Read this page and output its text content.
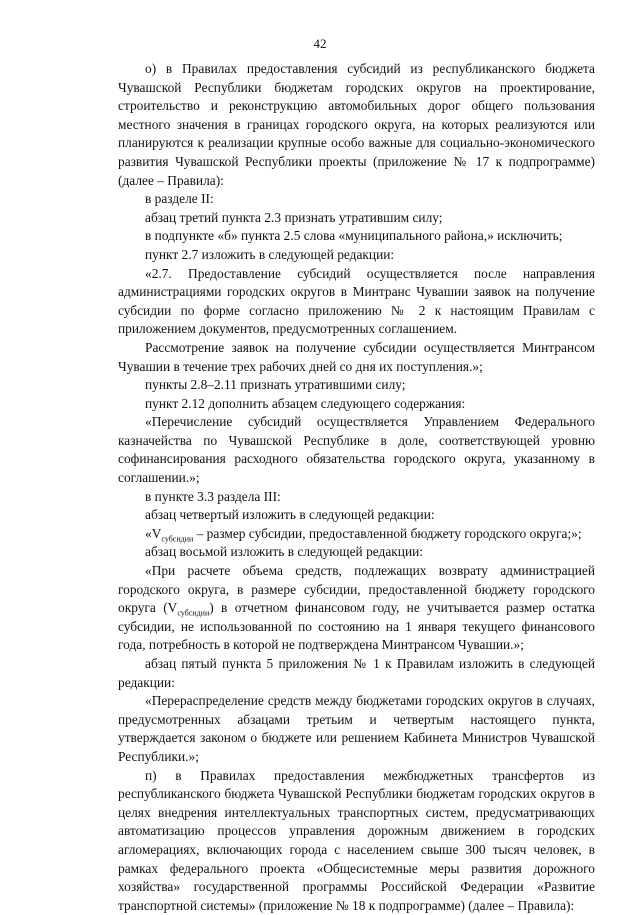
42

о) в Правилах предоставления субсидий из республиканского бюджета Чувашской Республики бюджетам городских округов на проектирование, строительство и реконструкцию автомобильных дорог общего пользования местного значения в границах городского округа, на которых реализуются или планируются к реализации крупные особо важные для социально-экономического развития Чувашской Республики проекты (приложение № 17 к подпрограмме) (далее – Правила):

в разделе II:

абзац третий пункта 2.3 признать утратившим силу;

в подпункте «б» пункта 2.5 слова «муниципального района,» исключить;

пункт 2.7 изложить в следующей редакции:

«2.7. Предоставление субсидий осуществляется после направления администрациями городских округов в Минтранс Чувашии заявок на получение субсидии по форме согласно приложению № 2 к настоящим Правилам с приложением документов, предусмотренных соглашением.

Рассмотрение заявок на получение субсидии осуществляется Минтрансом Чувашии в течение трех рабочих дней со дня их поступления.»;

пункты 2.8–2.11 признать утратившими силу;

пункт 2.12 дополнить абзацем следующего содержания:

«Перечисление субсидий осуществляется Управлением Федерального казначейства по Чувашской Республике в доле, соответствующей уровню софинансирования расходного обязательства городского округа, указанному в соглашении.»;

в пункте 3.3 раздела III:

абзац четвертый изложить в следующей редакции:

«$V_{субсидии}$ – размер субсидии, предоставленной бюджету городского округа;»;

абзац восьмой изложить в следующей редакции:

«При расчете объема средств, подлежащих возврату администрацией городского округа, в размере субсидии, предоставленной бюджету городского округа $(V_{субсидии})$ в отчетном финансовом году, не учитывается размер остатка субсидии, не использованной по состоянию на 1 января текущего финансового года, потребность в которой не подтверждена Минтрансом Чувашии.»;

абзац пятый пункта 5 приложения № 1 к Правилам изложить в следующей редакции:

«Перераспределение средств между бюджетами городских округов в случаях, предусмотренных абзацами третьим и четвертым настоящего пункта, утверждается законом о бюджете или решением Кабинета Министров Чувашской Республики.»;

п) в Правилах предоставления межбюджетных трансфертов из республиканского бюджета Чувашской Республики бюджетам городских округов в целях внедрения интеллектуальных транспортных систем, предусматривающих автоматизацию процессов управления дорожным движением в городских агломерациях, включающих города с населением свыше 300 тысяч человек, в рамках федерального проекта «Общесистемные меры развития дорожного хозяйства» государственной программы Российской Федерации «Развитие транспортной системы» (приложение № 18 к подпрограмме) (далее – Правила):
